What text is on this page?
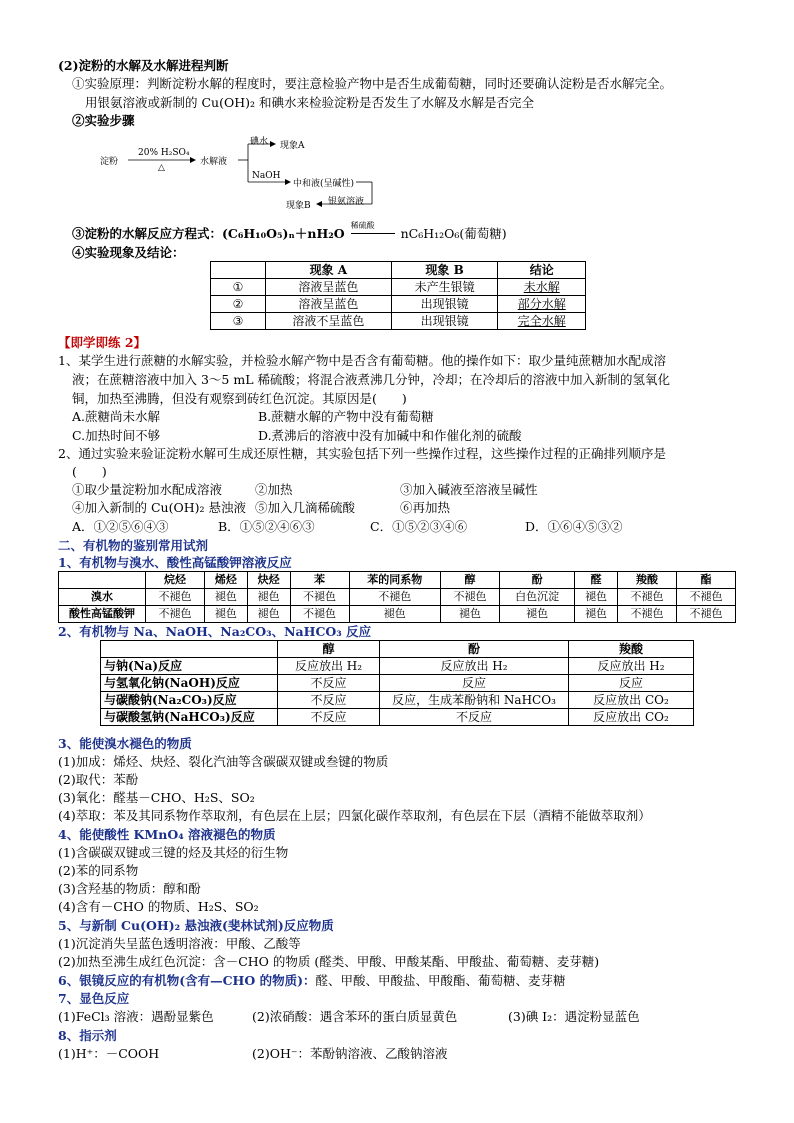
(2)淀粉的水解及水解进程判断
①实验原理：判断淀粉水解的程度时，要注意检验产物中是否生成葡萄糖，同时还要确认淀粉是否水解完全。
用银氨溶液或新制的 Cu(OH)₂ 和碘水来检验淀粉是否发生了水解及水解是否完全
②实验步骤
淀粉
20% H₂SO₄
△
水解液
碘水 现象A
NaOH
中和液(呈碱性)
银氨溶液
现象B
③淀粉的水解反应方程式：(C₆H₁₀O₅)ₙ＋nH₂O
稀硫酸
nC₆H₁₂O₆(葡萄糖)
④实验现象及结论：
	现象 A	现象 B	结论
①	溶液呈蓝色	未产生银镜	未水解
②	溶液呈蓝色	出现银镜	部分水解
③	溶液不呈蓝色	出现银镜	完全水解
【即学即练 2】
1、某学生进行蔗糖的水解实验，并检验水解产物中是否含有葡萄糖。他的操作如下：取少量纯蔗糖加水配成溶
液；在蔗糖溶液中加入 3～5 mL 稀硫酸；将混合液煮沸几分钟，冷却；在冷却后的溶液中加入新制的氢氧化
铜，加热至沸腾，但没有观察到砖红色沉淀。其原因是(　　)
A.蔗糖尚未水解	B.蔗糖水解的产物中没有葡萄糖
C.加热时间不够	D.煮沸后的溶液中没有加碱中和作催化剂的硫酸
2、通过实验来验证淀粉水解可生成还原性糖，其实验包括下列一些操作过程，这些操作过程的正确排列顺序是
(　　)
①取少量淀粉加水配成溶液	②加热	③加入碱液至溶液呈碱性
④加入新制的 Cu(OH)₂ 悬浊液 ⑤加入几滴稀硫酸	⑥再加热
A．①②⑤⑥④③	B．①⑤②④⑥③	C．①⑤②③④⑥	D．①⑥④⑤③②
二、有机物的鉴别常用试剂
1、有机物与溴水、酸性高锰酸钾溶液反应
	烷烃	烯烃	炔烃	苯	苯的同系物	醇	酚	醛	羧酸	酯
溴水	不褪色	褪色	褪色	不褪色	不褪色	不褪色	白色沉淀	褪色	不褪色	不褪色
酸性高锰酸钾	不褪色	褪色	褪色	不褪色	褪色	褪色	褪色	褪色	不褪色	不褪色
2、有机物与 Na、NaOH、Na₂CO₃、NaHCO₃ 反应
	醇	酚	羧酸
与钠(Na)反应	反应放出 H₂	反应放出 H₂	反应放出 H₂
与氢氧化钠(NaOH)反应	不反应	反应	反应
与碳酸钠(Na₂CO₃)反应	不反应	反应，生成苯酚钠和 NaHCO₃	反应放出 CO₂
与碳酸氢钠(NaHCO₃)反应	不反应	不反应	反应放出 CO₂
3、能使溴水褪色的物质
(1)加成：烯烃、炔烃、裂化汽油等含碳碳双键或叁键的物质
(2)取代：苯酚
(3)氧化：醛基－CHO、H₂S、SO₂
(4)萃取：苯及其同系物作萃取剂，有色层在上层；四氯化碳作萃取剂，有色层在下层（酒精不能做萃取剂）
4、能使酸性 KMnO₄ 溶液褪色的物质
(1)含碳碳双键或三键的烃及其烃的衍生物
(2)苯的同系物
(3)含羟基的物质：醇和酚
(4)含有－CHO 的物质、H₂S、SO₂
5、与新制 Cu(OH)₂ 悬浊液(斐林试剂)反应物质
(1)沉淀消失呈蓝色透明溶液：甲酸、乙酸等
(2)加热至沸生成红色沉淀：含－CHO 的物质 (醛类、甲酸、甲酸某酯、甲酸盐、葡萄糖、麦芽糖)
6、银镜反应的有机物(含有—CHO 的物质)：醛、甲酸、甲酸盐、甲酸酯、葡萄糖、麦芽糖
7、显色反应
(1)FeCl₃ 溶液：遇酚显紫色	(2)浓硝酸：遇含苯环的蛋白质显黄色	(3)碘 I₂：遇淀粉显蓝色
8、指示剂
(1)H⁺：－COOH	(2)OH⁻：苯酚钠溶液、乙酸钠溶液
